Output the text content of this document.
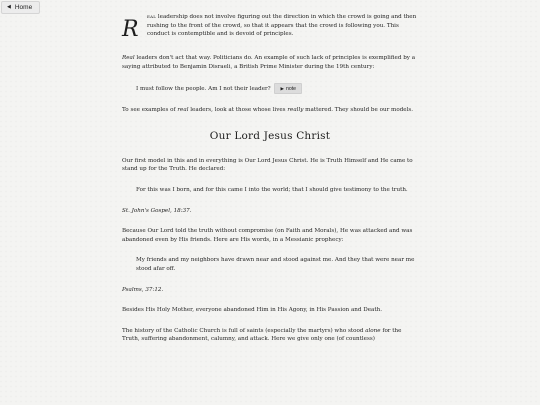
◀ Home
R eal leadership does not involve figuring out the direction in which the crowd is going and then rushing to the front of the crowd, so that it appears that the crowd is following you. This conduct is contemptible and is devoid of principles.
Real leaders don't act that way. Politicians do. An example of such lack of principles is exemplified by a saying attributed to Benjamin Disraeli, a British Prime Minister during the 19th century:
I must follow the people. Am I not their leader? ▶ note
To see examples of real leaders, look at those whose lives really mattered. They should be our models.
Our Lord Jesus Christ
Our first model in this and in everything is Our Lord Jesus Christ. He is Truth Himself and He came to stand up for the Truth. He declared:
For this was I born, and for this came I into the world; that I should give testimony to the truth.
St. John's Gospel, 18:37.
Because Our Lord told the truth without compromise (on Faith and Morals), He was attacked and was abandoned even by His friends. Here are His words, in a Messianic prophecy:
My friends and my neighbors have drawn near and stood against me. And they that were near me stood afar off.
Psalms, 37:12.
Besides His Holy Mother, everyone abandoned Him in His Agony, in His Passion and Death.
The history of the Catholic Church is full of saints (especially the martyrs) who stood alone for the Truth, suffering abandonment, calumny, and attack. Here we give only one (of countless)
